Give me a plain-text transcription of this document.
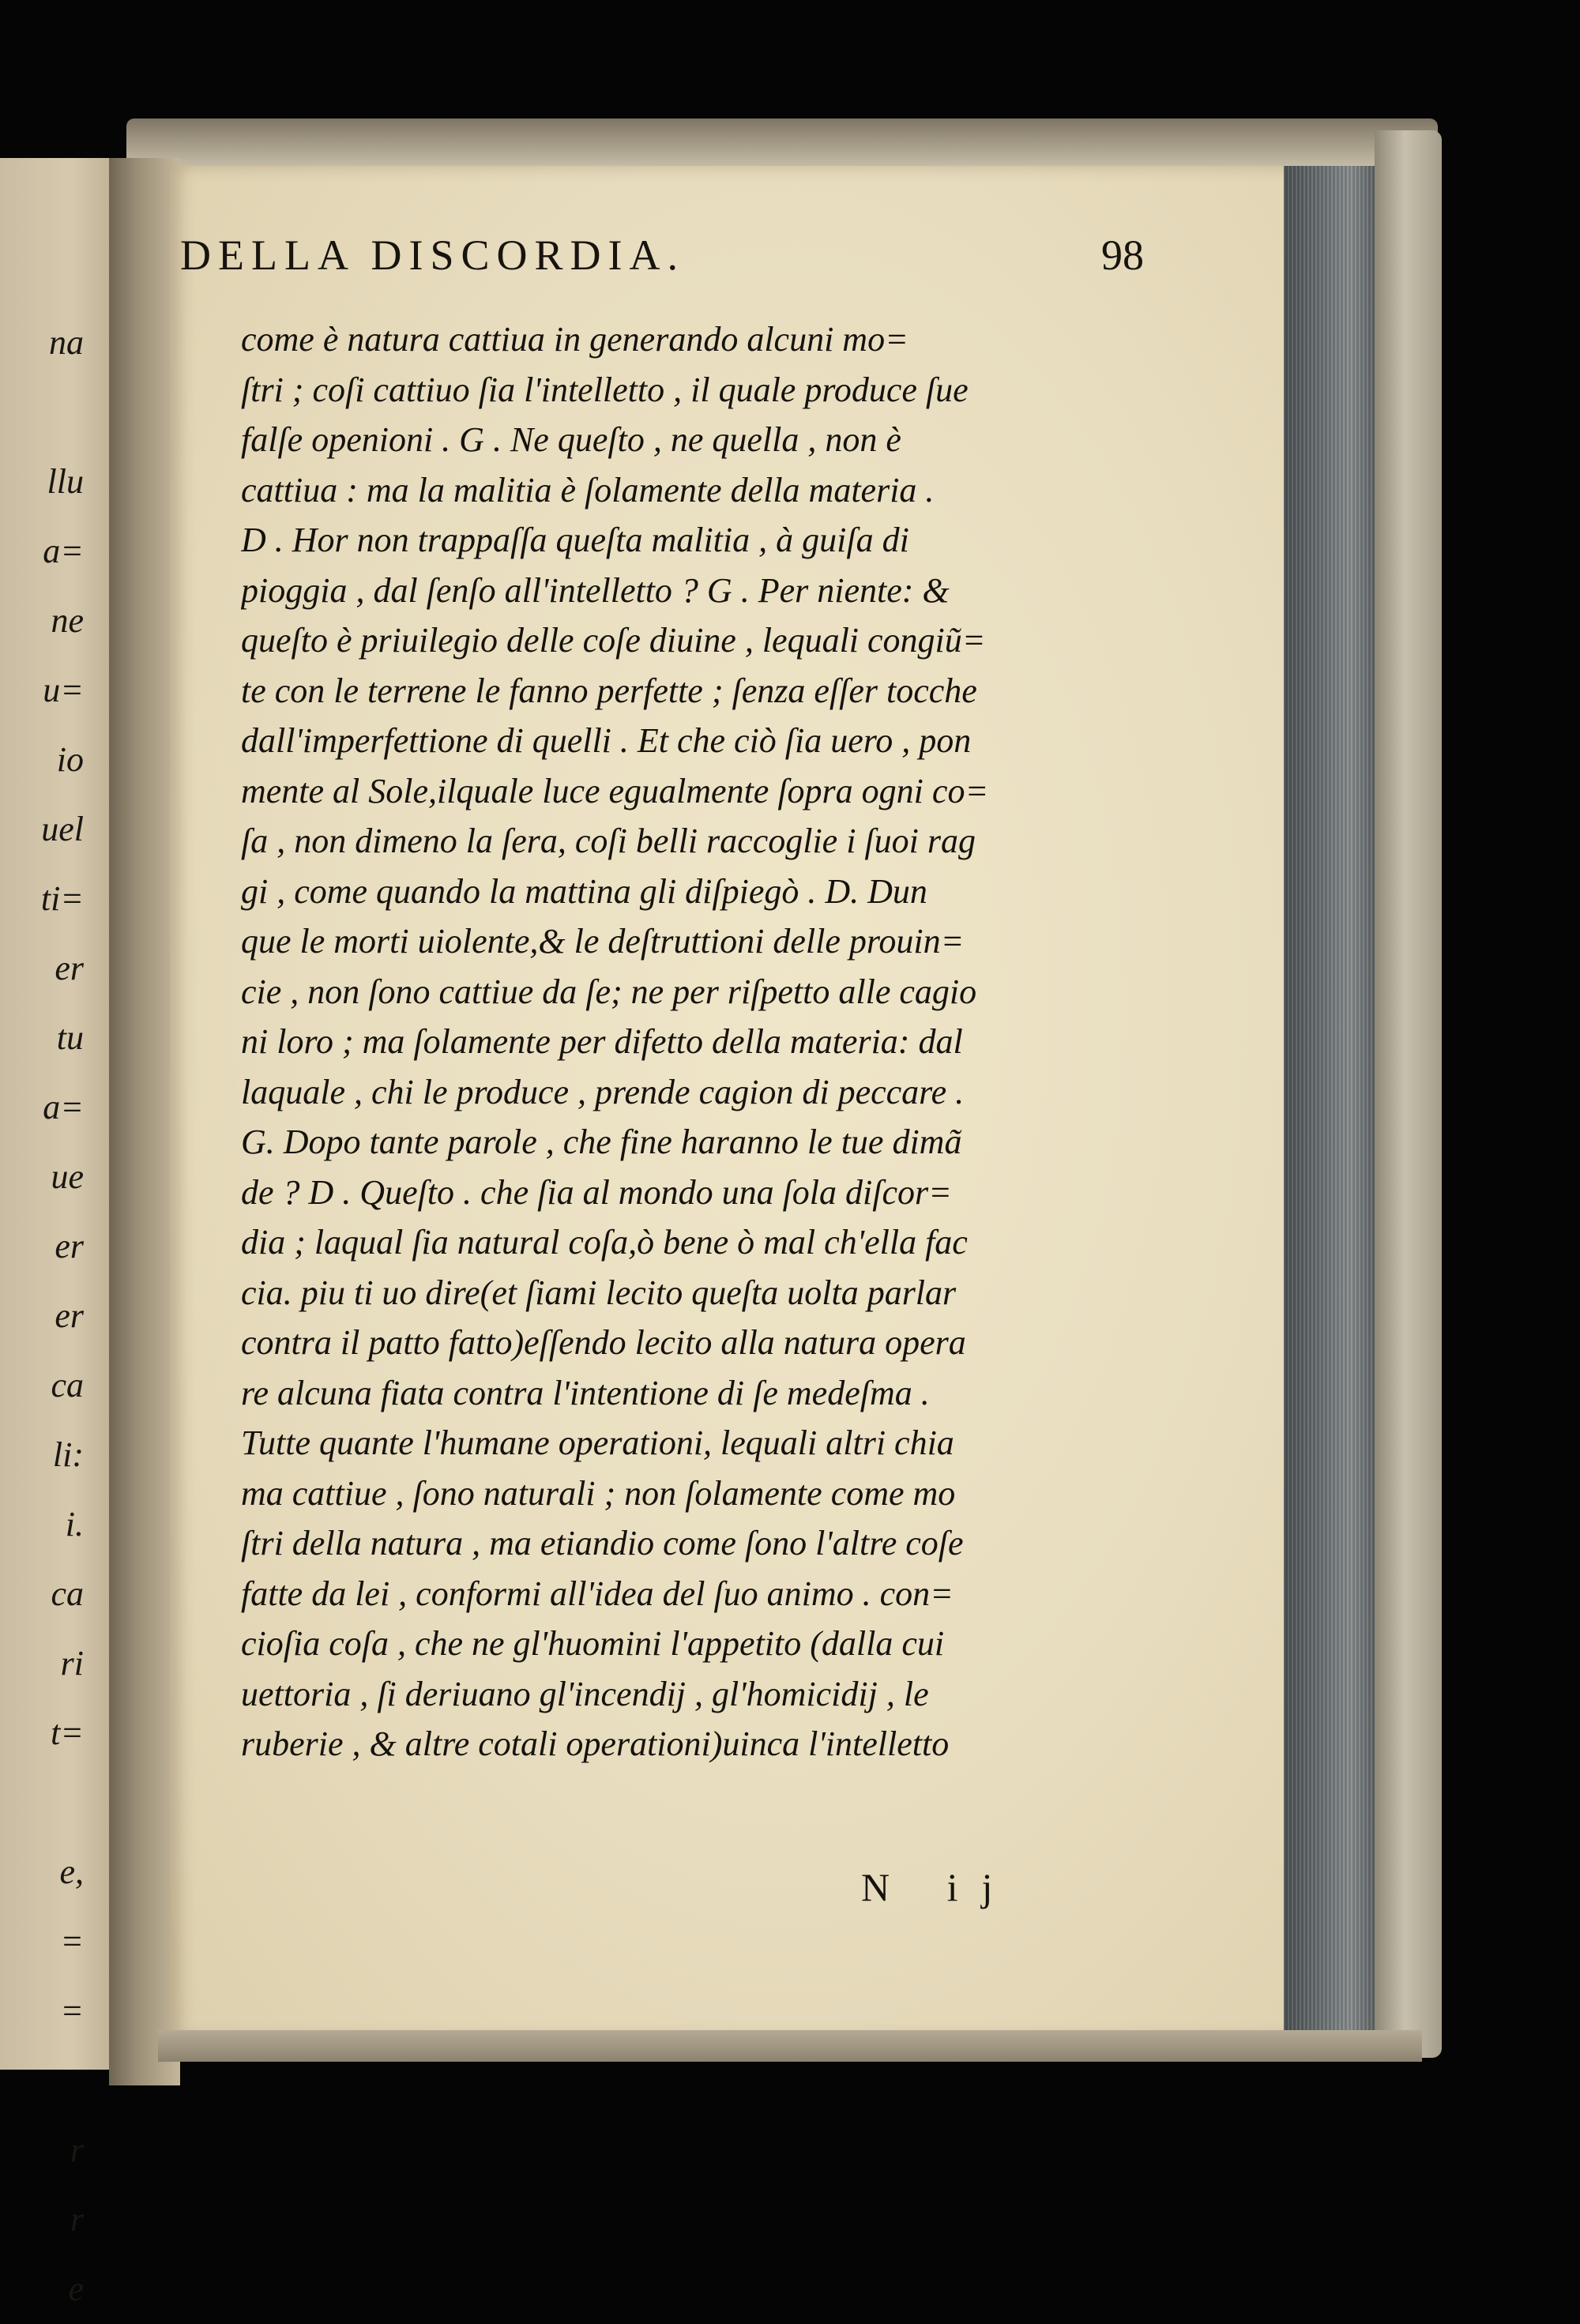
na
llu
a=
ne
u=
io
uel
ti=
er
tu
a=
ue
er
er
ca
li:
i.
ca
ri
t=
e,
=
=
r
r
e
DELLA DISCORDIA.	98
come è natura cattiua in generando alcuni mo=
ſtri ; coſi cattiuo ſia l'intelletto , il quale produce ſue
falſe openioni . G . Ne queſto , ne quella , non è
cattiua : ma la malitia è ſolamente della materia .
D . Hor non trappaſſa queſta malitia , à guiſa di
pioggia , dal ſenſo all'intelletto ? G . Per niente: &
queſto è priuilegio delle coſe diuine , lequali congiũ=
te con le terrene le fanno perfette ; ſenza eſſer tocche
dall'imperfettione di quelli . Et che ciò ſia uero , pon
mente al Sole,ilquale luce egualmente ſopra ogni co=
ſa , non dimeno la ſera, coſi belli raccoglie i ſuoi rag
gi , come quando la mattina gli diſpiegò . D. Dun
que le morti uiolente,& le deſtruttioni delle prouin=
cie , non ſono cattiue da ſe; ne per riſpetto alle cagio
ni loro ; ma ſolamente per difetto della materia: dal
laquale , chi le produce , prende cagion di peccare .
G. Dopo tante parole , che fine haranno le tue dimã
de ? D . Queſto . che ſia al mondo una ſola diſcor=
dia ; laqual ſia natural coſa,ò bene ò mal ch'ella fac
cia. piu ti uo dire(et ſiami lecito queſta uolta parlar
contra il patto fatto)eſſendo lecito alla natura opera
re alcuna fiata contra l'intentione di ſe medeſma .
Tutte quante l'humane operationi, lequali altri chia
ma cattiue , ſono naturali ; non ſolamente come mo
ſtri della natura , ma etiandio come ſono l'altre coſe
fatte da lei , conformi all'idea del ſuo animo . con=
cioſia coſa , che ne gl'huomini l'appetito (dalla cui
uettoria , ſi deriuano gl'incendij , gl'homicidij , le
ruberie , & altre cotali operationi)uinca l'intelletto
N ij
